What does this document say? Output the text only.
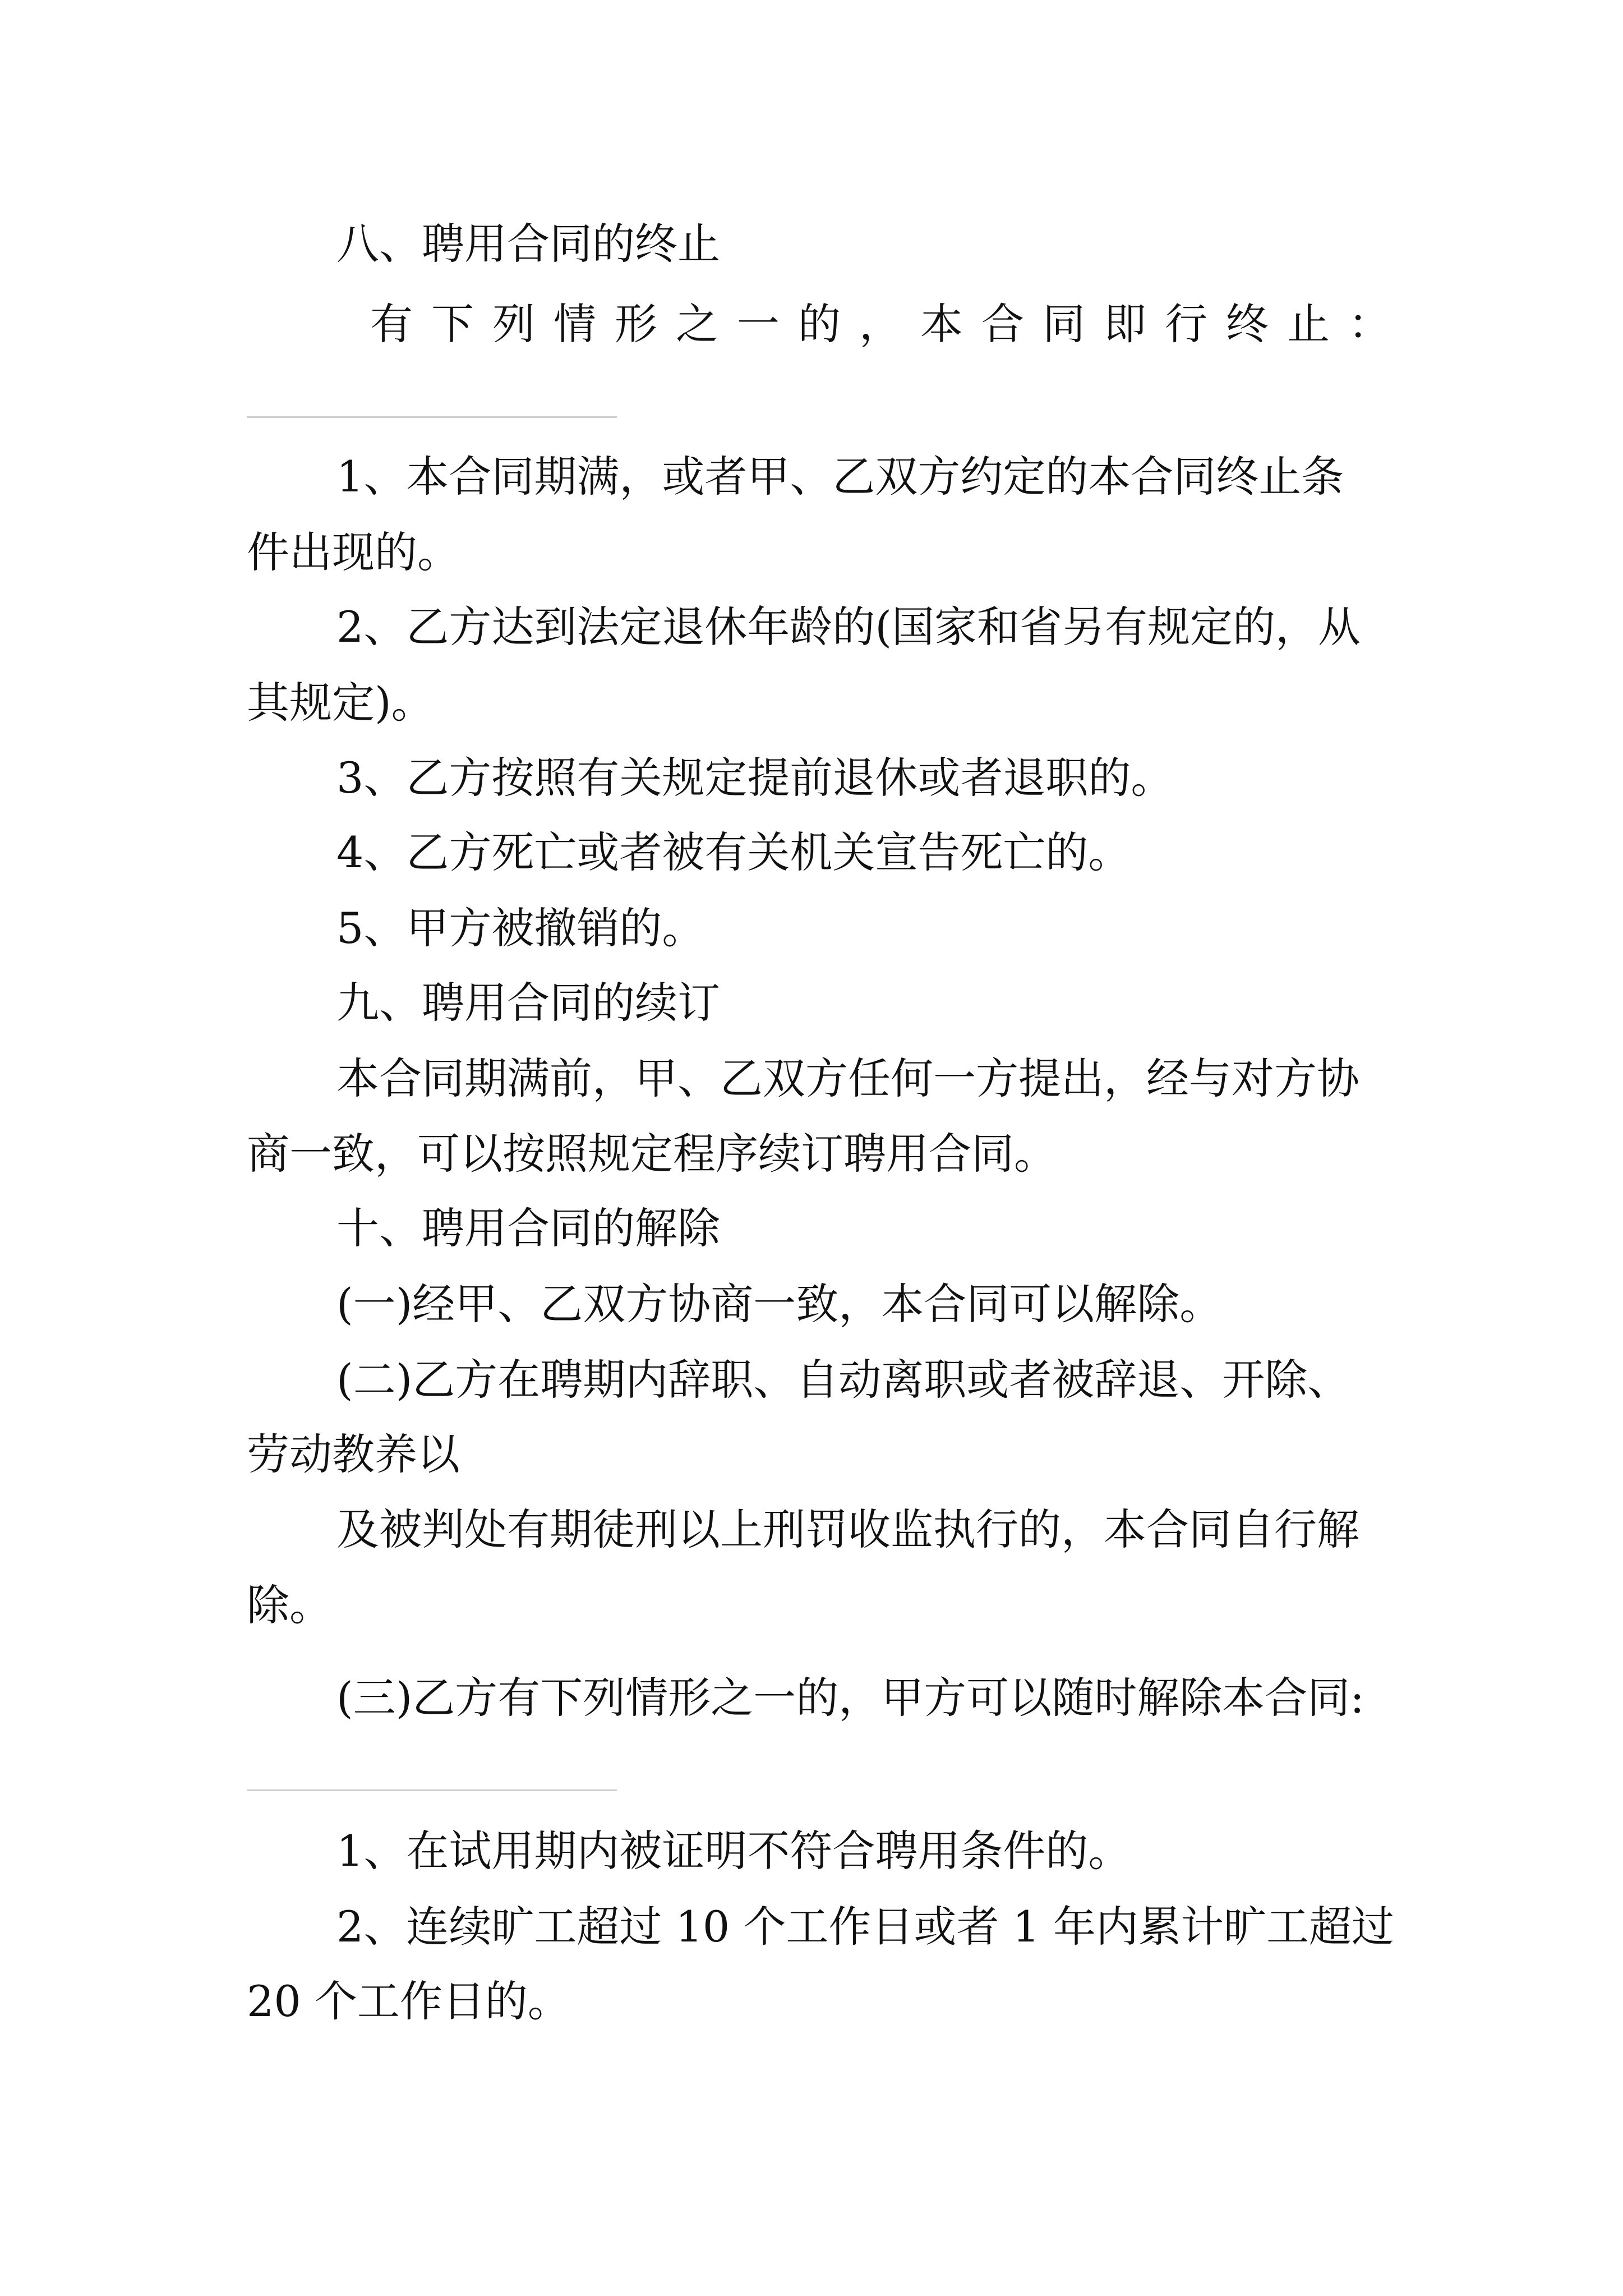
八、聘用合同的终止
有 下 列 情 形 之 一 的 ， 本 合 同 即 行 终 止 ：
1、本合同期满，或者甲、乙双方约定的本合同终止条
件出现的。
2、乙方达到法定退休年龄的(国家和省另有规定的，从
其规定)。
3、乙方按照有关规定提前退休或者退职的。
4、乙方死亡或者被有关机关宣告死亡的。
5、甲方被撤销的。
九、聘用合同的续订
本合同期满前，甲、乙双方任何一方提出，经与对方协
商一致，可以按照规定程序续订聘用合同。
十、聘用合同的解除
(一)经甲、乙双方协商一致，本合同可以解除。
(二)乙方在聘期内辞职、自动离职或者被辞退、开除、
劳动教养以
及被判处有期徒刑以上刑罚收监执行的，本合同自行解
除。
(三)乙方有下列情形之一的，甲方可以随时解除本合同:
1、在试用期内被证明不符合聘用条件的。
2、连续旷工超过 10 个工作日或者 1 年内累计旷工超过
20 个工作日的。
